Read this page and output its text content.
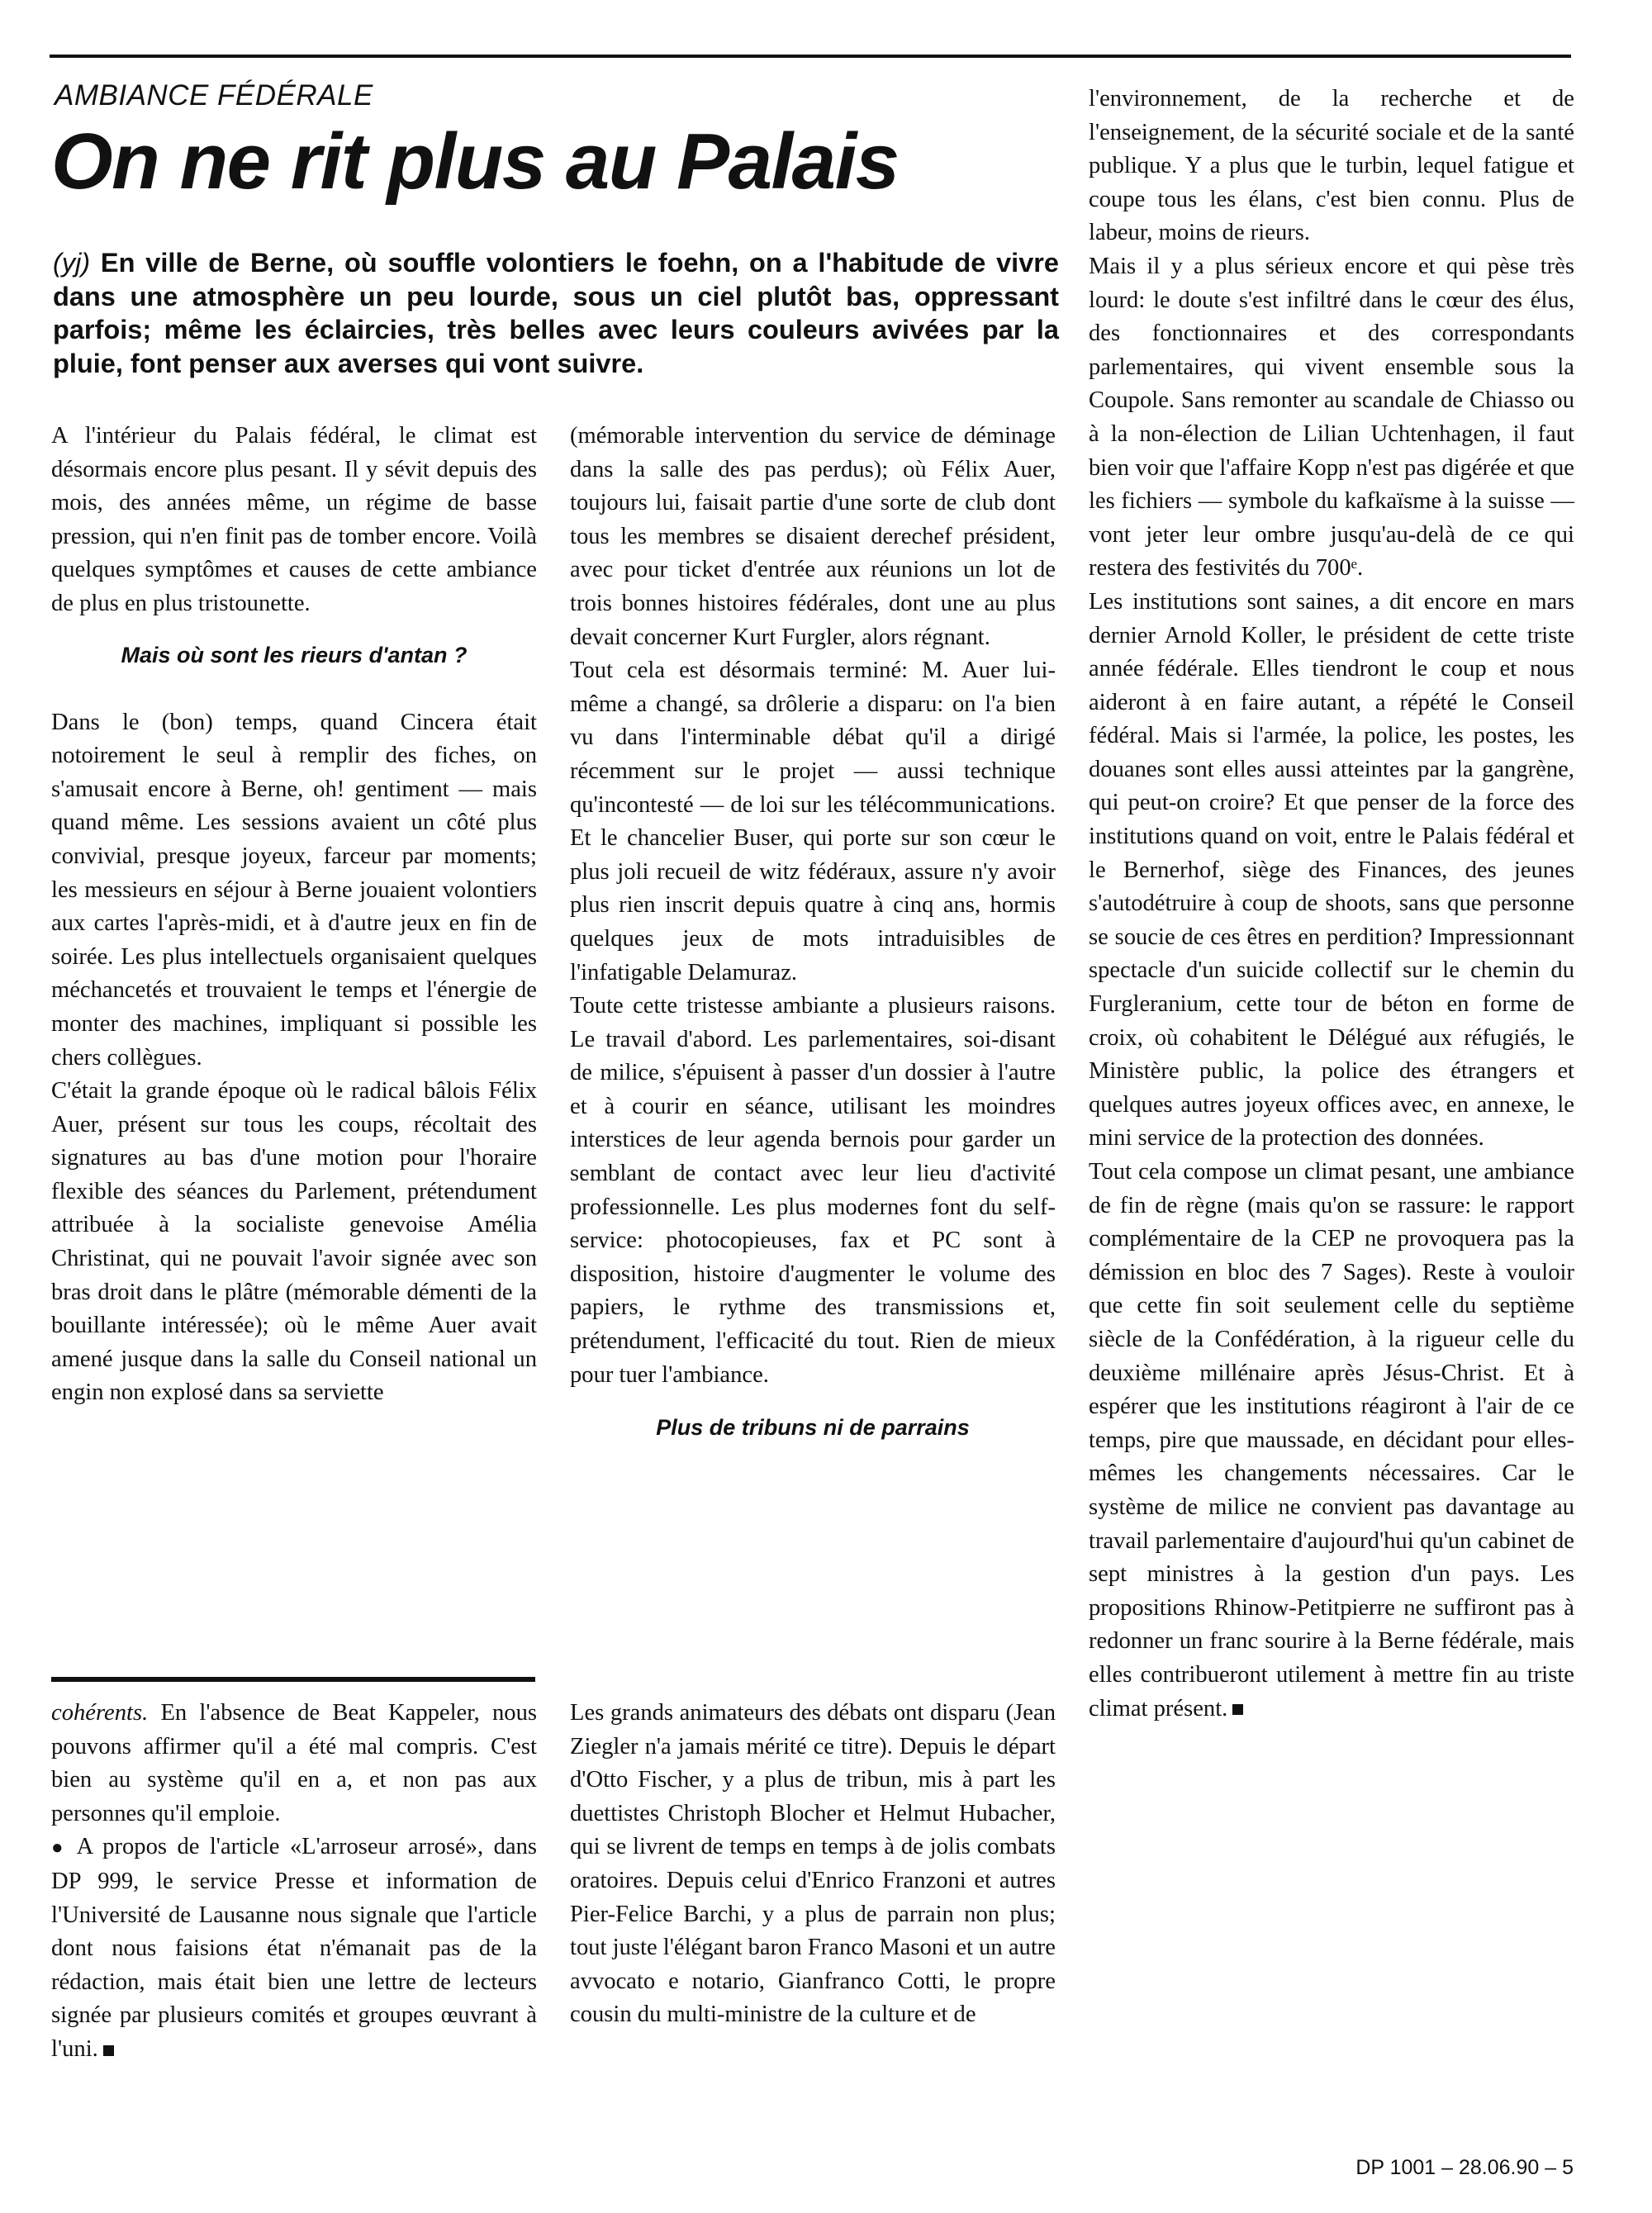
AMBIANCE FÉDÉRALE
On ne rit plus au Palais

(yj) En ville de Berne, où souffle volontiers le foehn, on a l'habitude de vivre dans une atmosphère un peu lourde, sous un ciel plutôt bas, oppressant parfois; même les éclaircies, très belles avec leurs couleurs avivées par la pluie, font penser aux averses qui vont suivre.

A l'intérieur du Palais fédéral, le climat est désormais encore plus pesant. Il y sévit depuis des mois, des années même, un régime de basse pression, qui n'en finit pas de tomber encore. Voilà quelques symptômes et causes de cette ambiance de plus en plus tristounette.

Mais où sont les rieurs d'antan ?

Dans le (bon) temps, quand Cincera était notoirement le seul à remplir des fiches, on s'amusait encore à Berne, oh! gentiment — mais quand même. Les sessions avaient un côté plus convivial, presque joyeux, farceur par moments; les messieurs en séjour à Berne jouaient volontiers aux cartes l'après-midi, et à d'autre jeux en fin de soirée. Les plus intellectuels organisaient quelques méchancetés et trouvaient le temps et l'énergie de monter des machines, impliquant si possible les chers collègues.

C'était la grande époque où le radical bâlois Félix Auer, présent sur tous les coups, récoltait des signatures au bas d'une motion pour l'horaire flexible des séances du Parlement, prétendument attribuée à la socialiste genevoise Amélia Christinat, qui ne pouvait l'avoir signée avec son bras droit dans le plâtre (mémorable démenti de la bouillante intéressée); où le même Auer avait amené jusque dans la salle du Conseil national un engin non explosé dans sa serviette

(mémorable intervention du service de déminage dans la salle des pas perdus); où Félix Auer, toujours lui, faisait partie d'une sorte de club dont tous les membres se disaient derechef président, avec pour ticket d'entrée aux réunions un lot de trois bonnes histoires fédérales, dont une au plus devait concerner Kurt Furgler, alors régnant.

Tout cela est désormais terminé: M. Auer lui-même a changé, sa drôlerie a disparu: on l'a bien vu dans l'interminable débat qu'il a dirigé récemment sur le projet — aussi technique qu'incontesté — de loi sur les télécommunications. Et le chancelier Buser, qui porte sur son cœur le plus joli recueil de witz fédéraux, assure n'y avoir plus rien inscrit depuis quatre à cinq ans, hormis quelques jeux de mots intraduisibles de l'infatigable Delamuraz.

Toute cette tristesse ambiante a plusieurs raisons. Le travail d'abord. Les parlementaires, soi-disant de milice, s'épuisent à passer d'un dossier à l'autre et à courir en séance, utilisant les moindres interstices de leur agenda bernois pour garder un semblant de contact avec leur lieu d'activité professionnelle. Les plus modernes font du self-service: photocopieuses, fax et PC sont à disposition, histoire d'augmenter le volume des papiers, le rythme des transmissions et, prétendument, l'efficacité du tout. Rien de mieux pour tuer l'ambiance.

Plus de tribuns ni de parrains

Les grands animateurs des débats ont disparu (Jean Ziegler n'a jamais mérité ce titre). Depuis le départ d'Otto Fischer, y a plus de tribun, mis à part les duettistes Christoph Blocher et Helmut Hubacher, qui se livrent de temps en temps à de jolis combats oratoires. Depuis celui d'Enrico Franzoni et autres Pier-Felice Barchi, y a plus de parrain non plus; tout juste l'élégant baron Franco Masoni et un autre avvocato e notario, Gianfranco Cotti, le propre cousin du multi-ministre de la culture et de

l'environnement, de la recherche et de l'enseignement, de la sécurité sociale et de la santé publique. Y a plus que le turbin, lequel fatigue et coupe tous les élans, c'est bien connu. Plus de labeur, moins de rieurs.

Mais il y a plus sérieux encore et qui pèse très lourd: le doute s'est infiltré dans le cœur des élus, des fonctionnaires et des correspondants parlementaires, qui vivent ensemble sous la Coupole. Sans remonter au scandale de Chiasso ou à la non-élection de Lilian Uchtenhagen, il faut bien voir que l'affaire Kopp n'est pas digérée et que les fichiers — symbole du kafkaïsme à la suisse — vont jeter leur ombre jusqu'au-delà de ce qui restera des festivités du 700ᵉ.

Les institutions sont saines, a dit encore en mars dernier Arnold Koller, le président de cette triste année fédérale. Elles tiendront le coup et nous aideront à en faire autant, a répété le Conseil fédéral. Mais si l'armée, la police, les postes, les douanes sont elles aussi atteintes par la gangrène, qui peut-on croire? Et que penser de la force des institutions quand on voit, entre le Palais fédéral et le Bernerhof, siège des Finances, des jeunes s'autodétruire à coup de shoots, sans que personne se soucie de ces êtres en perdition? Impressionnant spectacle d'un suicide collectif sur le chemin du Furgleranium, cette tour de béton en forme de croix, où cohabitent le Délégué aux réfugiés, le Ministère public, la police des étrangers et quelques autres joyeux offices avec, en annexe, le mini service de la protection des données.

Tout cela compose un climat pesant, une ambiance de fin de règne (mais qu'on se rassure: le rapport complémentaire de la CEP ne provoquera pas la démission en bloc des 7 Sages). Reste à vouloir que cette fin soit seulement celle du septième siècle de la Confédération, à la rigueur celle du deuxième millénaire après Jésus-Christ. Et à espérer que les institutions réagiront à l'air de ce temps, pire que maussade, en décidant pour elles-mêmes les changements nécessaires. Car le système de milice ne convient pas davantage au travail parlementaire d'aujourd'hui qu'un cabinet de sept ministres à la gestion d'un pays. Les propositions Rhinow-Petitpierre ne suffiront pas à redonner un franc sourire à la Berne fédérale, mais elles contribueront utilement à mettre fin au triste climat présent.

cohérents. En l'absence de Beat Kappeler, nous pouvons affirmer qu'il a été mal compris. C'est bien au système qu'il en a, et non pas aux personnes qu'il emploie.

● A propos de l'article «L'arroseur arrosé», dans DP 999, le service Presse et information de l'Université de Lausanne nous signale que l'article dont nous faisions état n'émanait pas de la rédaction, mais était bien une lettre de lecteurs signée par plusieurs comités et groupes œuvrant à l'uni.

DP 1001 – 28.06.90 – 5
